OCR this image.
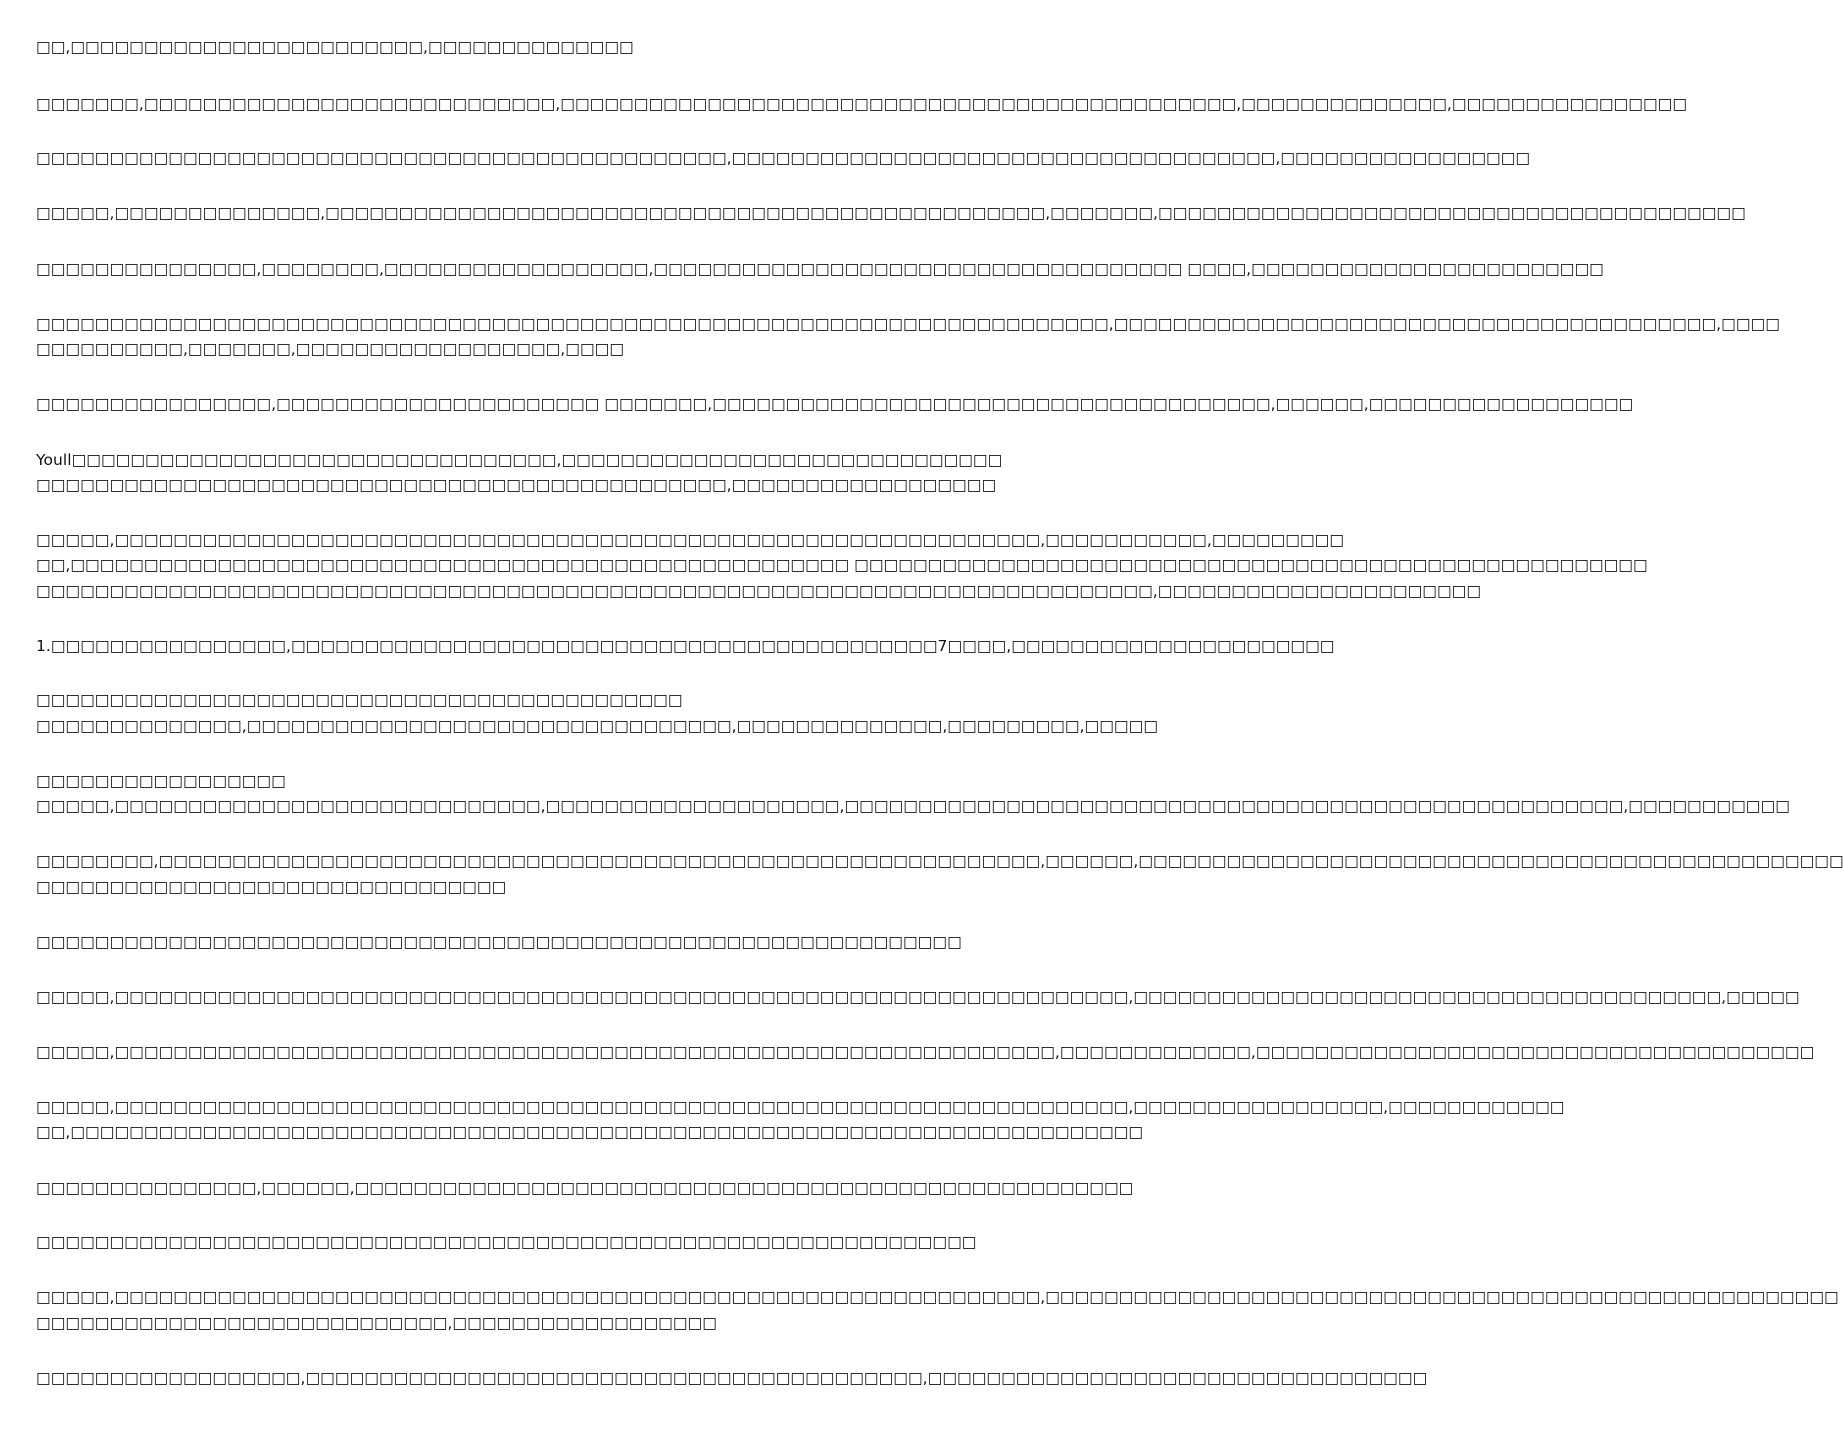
□□,□□□□□□□□□□□□□□□□□□□□□□□□,□□□□□□□□□□□□□□
□□□□□□□,□□□□□□□□□□□□□□□□□□□□□□□□□□□□,□□□□□□□□□□□□□□□□□□□□□□□□□□□□□□□□□□□□□□□□□□□□□□,□□□□□□□□□□□□□□,□□□□□□□□□□□□□□□□
□□□□□□□□□□□□□□□□□□□□□□□□□□□□□□□□□□□□□□□□□□□□□□□,□□□□□□□□□□□□□□□□□□□□□□□□□□□□□□□□□□□□□,□□□□□□□□□□□□□□□□□
□□□□□,□□□□□□□□□□□□□□,□□□□□□□□□□□□□□□□□□□□□□□□□□□□□□□□□□□□□□□□□□□□□□□□□,□□□□□□□,□□□□□□□□□□□□□□□□□□□□□□□□□□□□□□□□□□□□□□□□
□□□□□□□□□□□□□□□,□□□□□□□□,□□□□□□□□□□□□□□□□□□,□□□□□□□□□□□□□□□□□□□□□□□□□□□□□□□□□□□□ □□□□,□□□□□□□□□□□□□□□□□□□□□□□□
□□□□□□□□□□□□□□□□□□□□□□□□□□□□□□□□□□□□□□□□□□□□□□□□□□□□□□□□□□□□□□□□□□□□□□□□□,□□□□□□□□□□□□□□□□□□□□□□□□□□□□□□□□□□□□□□□□□,□□□□
□□□□□□□□□□,□□□□□□□,□□□□□□□□□□□□□□□□□□,□□□□
□□□□□□□□□□□□□□□□,□□□□□□□□□□□□□□□□□□□□□□ □□□□□□□,□□□□□□□□□□□□□□□□□□□□□□□□□□□□□□□□□□□□□□,□□□□□□,□□□□□□□□□□□□□□□□□□
Youll□□□□□□□□□□□□□□□□□□□□□□□□□□□□□□□□□,□□□□□□□□□□□□□□□□□□□□□□□□□□□□□□
□□□□□□□□□□□□□□□□□□□□□□□□□□□□□□□□□□□□□□□□□□□□□□□,□□□□□□□□□□□□□□□□□□
□□□□□,□□□□□□□□□□□□□□□□□□□□□□□□□□□□□□□□□□□□□□□□□□□□□□□□□□□□□□□□□□□□□□□,□□□□□□□□□□□,□□□□□□□□□
□□,□□□□□□□□□□□□□□□□□□□□□□□□□□□□□□□□□□□□□□□□□□□□□□□□□□□□□ □□□□□□□□□□□□□□□□□□□□□□□□□□□□□□□□□□□□□□□□□□□□□□□□□□□□□□
□□□□□□□□□□□□□□□□□□□□□□□□□□□□□□□□□□□□□□□□□□□□□□□□□□□□□□□□□□□□□□□□□□□□□□□□□□□□,□□□□□□□□□□□□□□□□□□□□□□
1.□□□□□□□□□□□□□□□□,□□□□□□□□□□□□□□□□□□□□□□□□□□□□□□□□□□□□□□□□□□□□7□□□□,□□□□□□□□□□□□□□□□□□□□□□
□□□□□□□□□□□□□□□□□□□□□□□□□□□□□□□□□□□□□□□□□□□□
□□□□□□□□□□□□□□,□□□□□□□□□□□□□□□□□□□□□□□□□□□□□□□□□,□□□□□□□□□□□□□□,□□□□□□□□□,□□□□□
□□□□□□□□□□□□□□□□□
□□□□□,□□□□□□□□□□□□□□□□□□□□□□□□□□□□□,□□□□□□□□□□□□□□□□□□□□,□□□□□□□□□□□□□□□□□□□□□□□□□□□□□□□□□□□□□□□□□□□□□□□□□□□□□,□□□□□□□□□□□
□□□□□□□□,□□□□□□□□□□□□□□□□□□□□□□□□□□□□□□□□□□□□□□□□□□□□□□□□□□□□□□□□□□□□,□□□□□□,□□□□□□□□□□□□□□□□□□□□□□□□□□□□□□□□□□□□□□□□□□□□□□□□
□□□□□□□□□□□□□□□□□□□□□□□□□□□□□□□□
□□□□□□□□□□□□□□□□□□□□□□□□□□□□□□□□□□□□□□□□□□□□□□□□□□□□□□□□□□□□□□□
□□□□□,□□□□□□□□□□□□□□□□□□□□□□□□□□□□□□□□□□□□□□□□□□□□□□□□□□□□□□□□□□□□□□□□□□□□□,□□□□□□□□□□□□□□□□□□□□□□□□□□□□□□□□□□□□□□□□,□□□□□
□□□□□,□□□□□□□□□□□□□□□□□□□□□□□□□□□□□□□□□□□□□□□□□□□□□□□□□□□□□□□□□□□□□□□□,□□□□□□□□□□□□□,□□□□□□□□□□□□□□□□□□□□□□□□□□□□□□□□□□□□□□
□□□□□,□□□□□□□□□□□□□□□□□□□□□□□□□□□□□□□□□□□□□□□□□□□□□□□□□□□□□□□□□□□□□□□□□□□□□,□□□□□□□□□□□□□□□□□,□□□□□□□□□□□□
□□,□□□□□□□□□□□□□□□□□□□□□□□□□□□□□□□□□□□□□□□□□□□□□□□□□□□□□□□□□□□□□□□□□□□□□□□□□
□□□□□□□□□□□□□□□,□□□□□□,□□□□□□□□□□□□□□□□□□□□□□□□□□□□□□□□□□□□□□□□□□□□□□□□□□□□□
□□□□□□□□□□□□□□□□□□□□□□□□□□□□□□□□□□□□□□□□□□□□□□□□□□□□□□□□□□□□□□□□
□□□□□,□□□□□□□□□□□□□□□□□□□□□□□□□□□□□□□□□□□□□□□□□□□□□□□□□□□□□□□□□□□□□□□,□□□□□□□□□□□□□□□□□□□□□□□□□□□□□□□□□□□□□□□□□□□□□□□□□□□□□□
□□□□□□□□□□□□□□□□□□□□□□□□□□□□,□□□□□□□□□□□□□□□□□□
□□□□□□□□□□□□□□□□□□,□□□□□□□□□□□□□□□□□□□□□□□□□□□□□□□□□□□□□□□□□□,□□□□□□□□□□□□□□□□□□□□□□□□□□□□□□□□□□
